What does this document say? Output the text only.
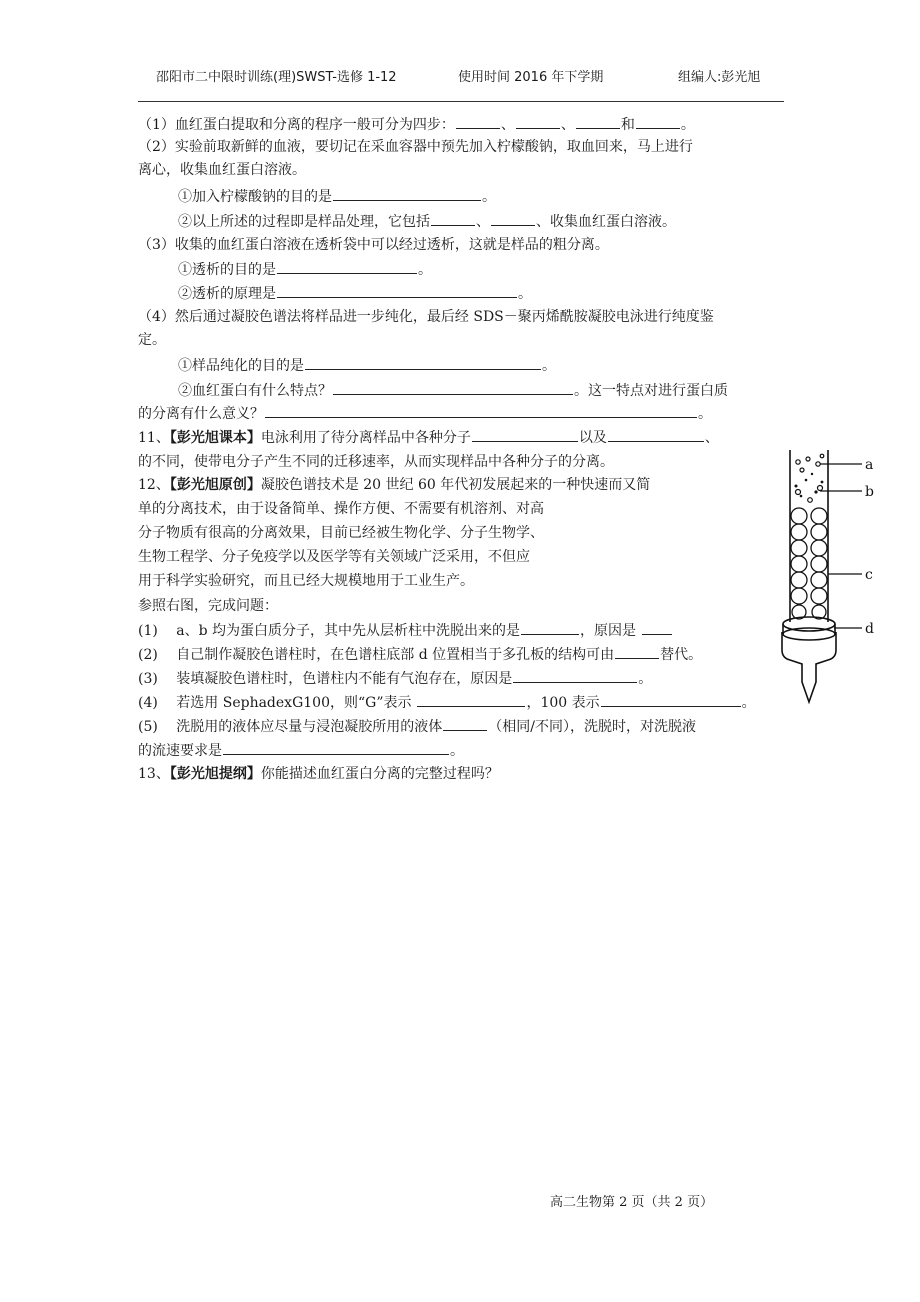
邵阳市二中限时训练(理)SWST-选修 1-12	使用时间 2016 年下学期	组编人:彭光旭
（1）血红蛋白提取和分离的程序一般可分为四步：	、	、	和	。
（2）实验前取新鲜的血液，要切记在采血容器中预先加入柠檬酸钠，取血回来，马上进行
离心，收集血红蛋白溶液。
①加入柠檬酸钠的目的是	。
②以上所述的过程即是样品处理，它包括	、	、收集血红蛋白溶液。
（3）收集的血红蛋白溶液在透析袋中可以经过透析，这就是样品的粗分离。
①透析的目的是	。
②透析的原理是	。
（4）然后通过凝胶色谱法将样品进一步纯化，最后经 SDS－聚丙烯酰胺凝胶电泳进行纯度鉴
定。
①样品纯化的目的是	。
②血红蛋白有什么特点？	。这一特点对进行蛋白质
的分离有什么意义？	。
11、【彭光旭课本】电泳利用了待分离样品中各种分子	以及	、
的不同，使带电分子产生不同的迁移速率，从而实现样品中各种分子的分离。
12、【彭光旭原创】凝胶色谱技术是 20 世纪 60 年代初发展起来的一种快速而又简
单的分离技术，由于设备简单、操作方便、不需要有机溶剂、对高
分子物质有很高的分离效果，目前已经被生物化学、分子生物学、
生物工程学、分子免疫学以及医学等有关领域广泛采用，不但应
用于科学实验研究，而且已经大规模地用于工业生产。
参照右图，完成问题：
(1)　 a、b 均为蛋白质分子，其中先从层析柱中洗脱出来的是	，原因是
(2)　 自己制作凝胶色谱柱时，在色谱柱底部 d 位置相当于多孔板的结构可由	替代。
(3)　 装填凝胶色谱柱时，色谱柱内不能有气泡存在，原因是	。
(4)　 若选用 SephadexG100，则“G”表示	，100 表示	。
(5)　 洗脱用的液体应尽量与浸泡凝胶所用的液体	（相同/不同），洗脱时，对洗脱液
的流速要求是	。
13、【彭光旭提纲】你能描述血红蛋白分离的完整过程吗？
a
b
c
d
高二生物第 2 页（共 2 页）
